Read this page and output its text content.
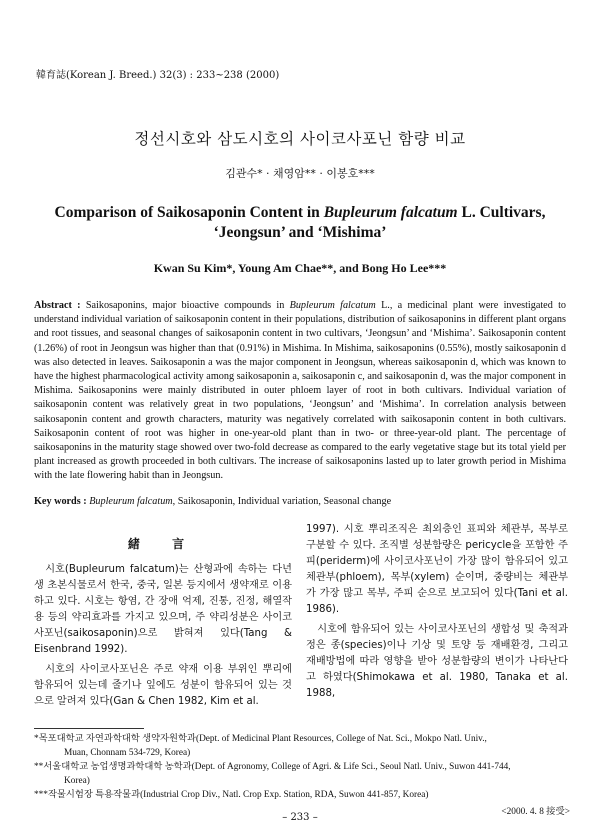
韓育誌(Korean J. Breed.) 32(3) : 233~238 (2000)
정선시호와 삼도시호의 사이코사포닌 함량 비교
김관수* · 채영암** · 이봉호***
Comparison of Saikosaponin Content in Bupleurum falcatum L. Cultivars, ‘Jeongsun’ and ‘Mishima’
Kwan Su Kim*, Young Am Chae**, and Bong Ho Lee***
Abstract : Saikosaponins, major bioactive compounds in Bupleurum falcatum L., a medicinal plant were investigated to understand individual variation of saikosaponin content in their populations, distribution of saikosaponins in different plant organs and root tissues, and seasonal changes of saikosaponin content in two cultivars, ‘Jeongsun’ and ‘Mishima’. Saikosaponin content (1.26%) of root in Jeongsun was higher than that (0.91%) in Mishima. In Mishima, saikosaponins (0.55%), mostly saikosaponin d was also detected in leaves. Saikosaponin a was the major component in Jeongsun, whereas saikosaponin d, which was known to have the highest pharmacological activity among saikosaponin a, saikosaponin c, and saikosaponin d, was the major component in Mishima. Saikosaponins were mainly distributed in outer phloem layer of root in both cultivars. Individual variation of saikosaponin content was relatively great in two populations, ‘Jeongsun’ and ‘Mishima’. In correlation analysis between saikosaponin content and growth characters, maturity was negatively correlated with saikosaponin content in both cultivars. Saikosaponin content of root was higher in one-year-old plant than in two- or three-year-old plant. The percentage of saikosaponins in the maturity stage showed over two-fold decrease as compared to the early vegetative stage but its total yield per plant increased as growth proceeded in both cultivars. The increase of saikosaponins lasted up to later growth period in Mishima with the late flowering habit than in Jeongsun.
Key words : Bupleurum falcatum, Saikosaponin, Individual variation, Seasonal change
緒 言

시호(Bupleurum falcatum)는 산형과에 속하는 다년생 초본식물로서 한국, 중국, 일본 등지에서 생약재로 이용하고 있다. 시호는 항염, 간 장애 억제, 진통, 진정, 해열작용 등의 약리효과를 가지고 있으며, 주 약리성분은 사이코사포닌(saikosaponin)으로 밝혀져 있다(Tang & Eisenbrand 1992).

시호의 사이코사포닌은 주로 약재 이용 부위인 뿌리에 함유되어 있는데 줄기나 잎에도 성분이 함유되어 있는 것으로 알려져 있다(Gan & Chen 1982, Kim et al.

1997). 시호 뿌리조직은 최외층인 표피와 체관부, 목부로 구분할 수 있다. 조직별 성분함량은 pericycle을 포함한 주피(periderm)에 사이코사포닌이 가장 많이 함유되어 있고 체관부(phloem), 목부(xylem) 순이며, 중량비는 체관부가 가장 많고 목부, 주피 순으로 보고되어 있다(Tani et al. 1986).

시호에 함유되어 있는 사이코사포닌의 생합성 및 축적과정은 종(species)이나 기상 및 토양 등 재배환경, 그리고 재배방법에 따라 영향을 받아 성분함량의 변이가 나타난다고 하였다(Shimokawa et al. 1980, Tanaka et al. 1988,

*목포대학교 자연과학대학 생약자원학과(Dept. of Medicinal Plant Resources, College of Nat. Sci., Mokpo Natl. Univ.,
Muan, Chonnam 534-729, Korea)
**서울대학교 농업생명과학대학 농학과(Dept. of Agronomy, College of Agri. & Life Sci., Seoul Natl. Univ., Suwon 441-744,
Korea)
***작물시험장 특용작물과(Industrial Crop Div., Natl. Crop Exp. Station, RDA, Suwon 441-857, Korea)
<2000. 4. 8 接受>
– 233 –
